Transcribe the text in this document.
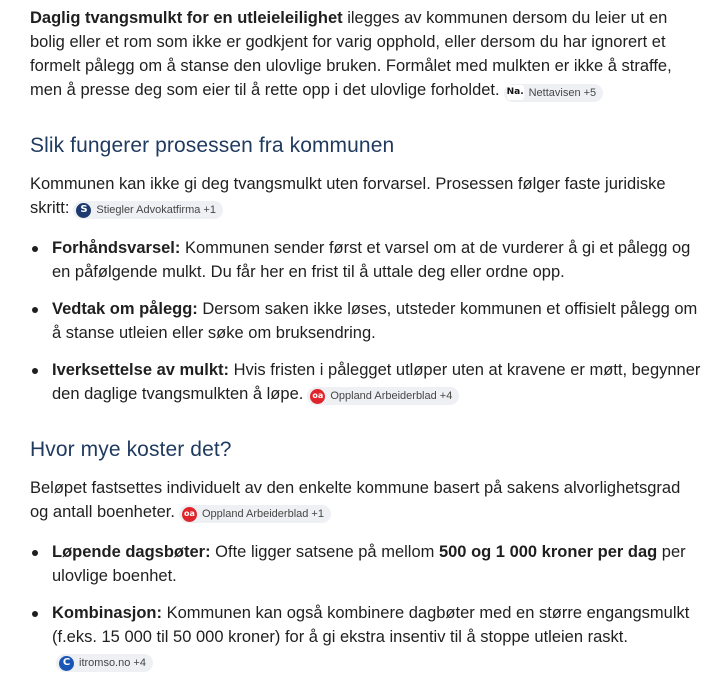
Daglig tvangsmulkt for en utleieleilighet ilegges av kommunen dersom du leier ut en bolig eller et rom som ikke er godkjent for varig opphold, eller dersom du har ignorert et formelt pålegg om å stanse den ulovlige bruken. Formålet med mulkten er ikke å straffe, men å presse deg som eier til å rette opp i det ulovlige forholdet. Na. Nettavisen +5

Slik fungerer prosessen fra kommunen

Kommunen kan ikke gi deg tvangsmulkt uten forvarsel. Prosessen følger faste juridiske skritt:	S Stiegler Advokatfirma +1

Forhåndsvarsel: Kommunen sender først et varsel om at de vurderer å gi et pålegg og en påfølgende mulkt. Du får her en frist til å uttale deg eller ordne opp.
Vedtak om pålegg: Dersom saken ikke løses, utsteder kommunen et offisielt pålegg om å stanse utleien eller søke om bruksendring.
Iverksettelse av mulkt: Hvis fristen i pålegget utløper uten at kravene er møtt, begynner den daglige tvangsmulkten å løpe. oa Oppland Arbeiderblad +4
Hvor mye koster det?

Beløpet fastsettes individuelt av den enkelte kommune basert på sakens alvorlighetsgrad og antall boenheter. oa Oppland Arbeiderblad +1

Løpende dagsbøter: Ofte ligger satsene på mellom 500 og 1 000 kroner per dag per ulovlige boenhet.
Kombinasjon: Kommunen kan også kombinere dagbøter med en større engangsmulkt (f.eks. 15 000 til 50 000 kroner) for å gi ekstra insentiv til å stoppe utleien raskt.
C itromso.no +4
